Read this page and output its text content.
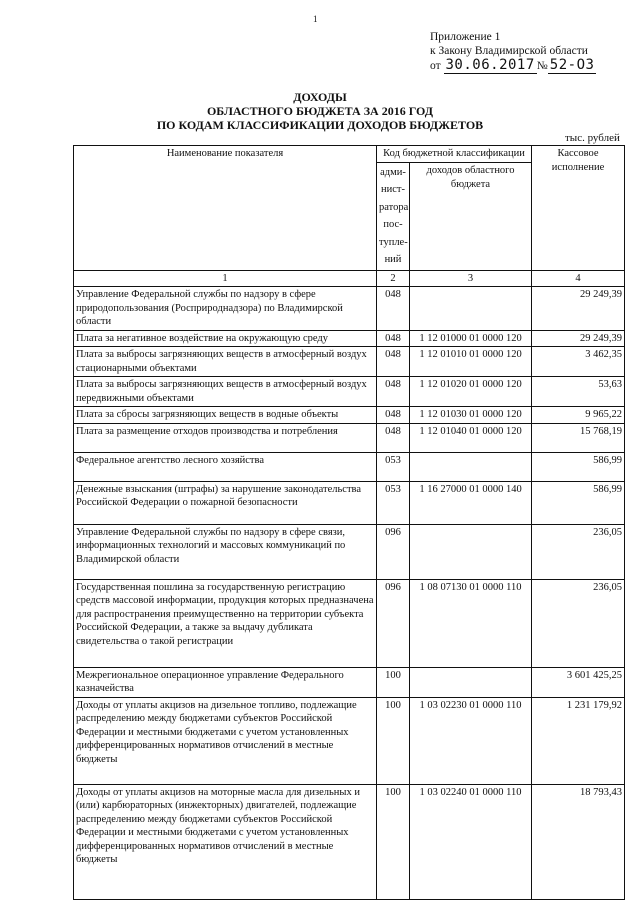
1
Приложение 1
к Закону Владимирской области
от 30.06.2017 № 52-ОЗ
ДОХОДЫ
ОБЛАСТНОГО БЮДЖЕТА ЗА 2016 ГОД
ПО КОДАМ КЛАССИФИКАЦИИ ДОХОДОВ БЮДЖЕТОВ
тыс. рублей
Наименование показателя	Код бюджетной классификации		Кассовое исполнение
	адми-нист-ратора пос-тупле-ний	доходов областного бюджета	
1	2	3	4
Управление Федеральной службы по надзору в сфере природопользования (Росприроднадзора) по Владимирской области	048		29 249,39
Плата за негативное воздействие на окружающую среду	048	1 12 01000 01 0000 120	29 249,39
Плата за выбросы загрязняющих веществ в атмосферный воздух стационарными объектами	048	1 12 01010 01 0000 120	3 462,35
Плата за выбросы загрязняющих веществ в атмосферный воздух передвижными объектами	048	1 12 01020 01 0000 120	53,63
Плата за сбросы загрязняющих веществ в водные объекты	048	1 12 01030 01 0000 120	9 965,22
Плата за размещение отходов производства и потребления	048	1 12 01040 01 0000 120	15 768,19
Федеральное агентство лесного хозяйства	053		586,99
Денежные взыскания (штрафы) за нарушение законодательства Российской Федерации о пожарной безопасности	053	1 16 27000 01 0000 140	586,99
Управление Федеральной службы по надзору в сфере связи, информационных технологий и массовых коммуникаций по Владимирской области	096		236,05
Государственная пошлина за государственную регистрацию средств массовой информации, продукция которых предназначена для распространения преимущественно на территории субъекта Российской Федерации, а также за выдачу дубликата свидетельства о такой регистрации	096	1 08 07130 01 0000 110	236,05
Межрегиональное операционное управление Федерального казначейства	100		3 601 425,25
Доходы от уплаты акцизов на дизельное топливо, подлежащие распределению между бюджетами субъектов Российской Федерации и местными бюджетами с учетом установленных дифференцированных нормативов отчислений в местные бюджеты	100	1 03 02230 01 0000 110	1 231 179,92
Доходы от уплаты акцизов на моторные масла для дизельных и (или) карбюраторных (инжекторных) двигателей, подлежащие распределению между бюджетами субъектов Российской Федерации и местными бюджетами с учетом установленных дифференцированных нормативов отчислений в местные бюджеты	100	1 03 02240 01 0000 110	18 793,43
